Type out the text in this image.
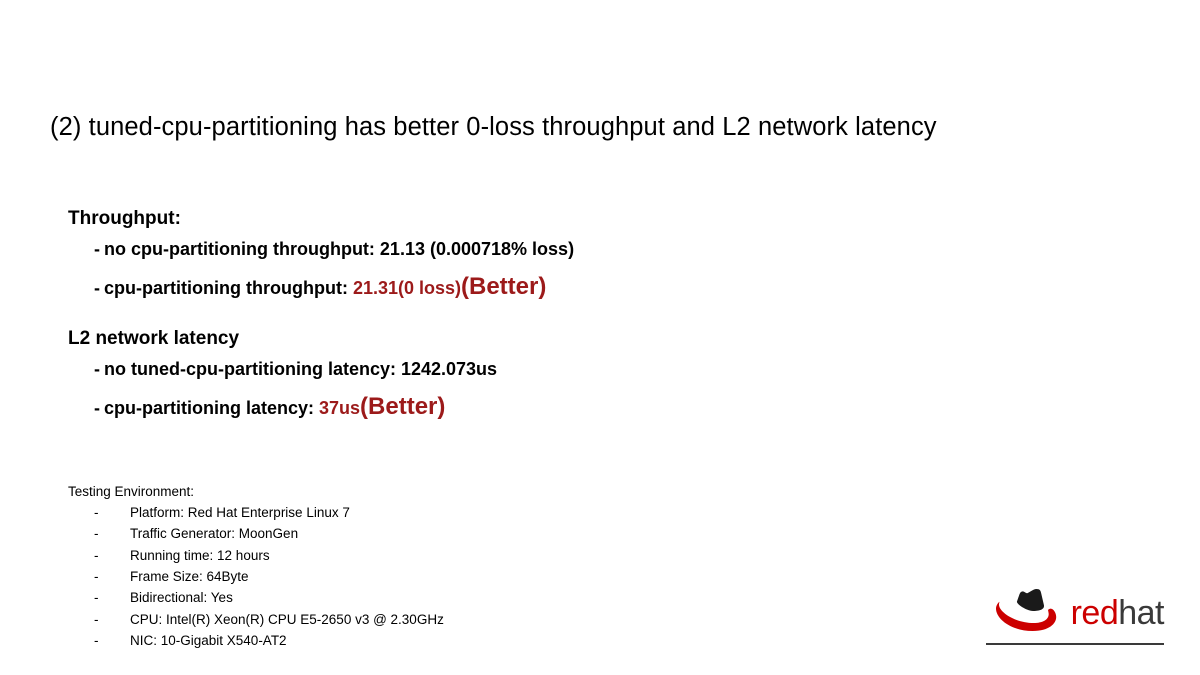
(2) tuned-cpu-partitioning has better 0-loss throughput and L2 network latency
Throughput:
- no cpu-partitioning throughput: 21.13 (0.000718% loss)
- cpu-partitioning throughput: 21.31(0 loss)(Better)
L2 network latency
- no tuned-cpu-partitioning latency: 1242.073us
- cpu-partitioning latency: 37us(Better)
Testing Environment:
-	Platform: Red Hat Enterprise Linux 7
-	Traffic Generator: MoonGen
-	Running time: 12 hours
-	Frame Size: 64Byte
-	Bidirectional: Yes
-	CPU: Intel(R) Xeon(R) CPU E5-2650 v3 @ 2.30GHz
-	NIC: 10-Gigabit X540-AT2
redhat
